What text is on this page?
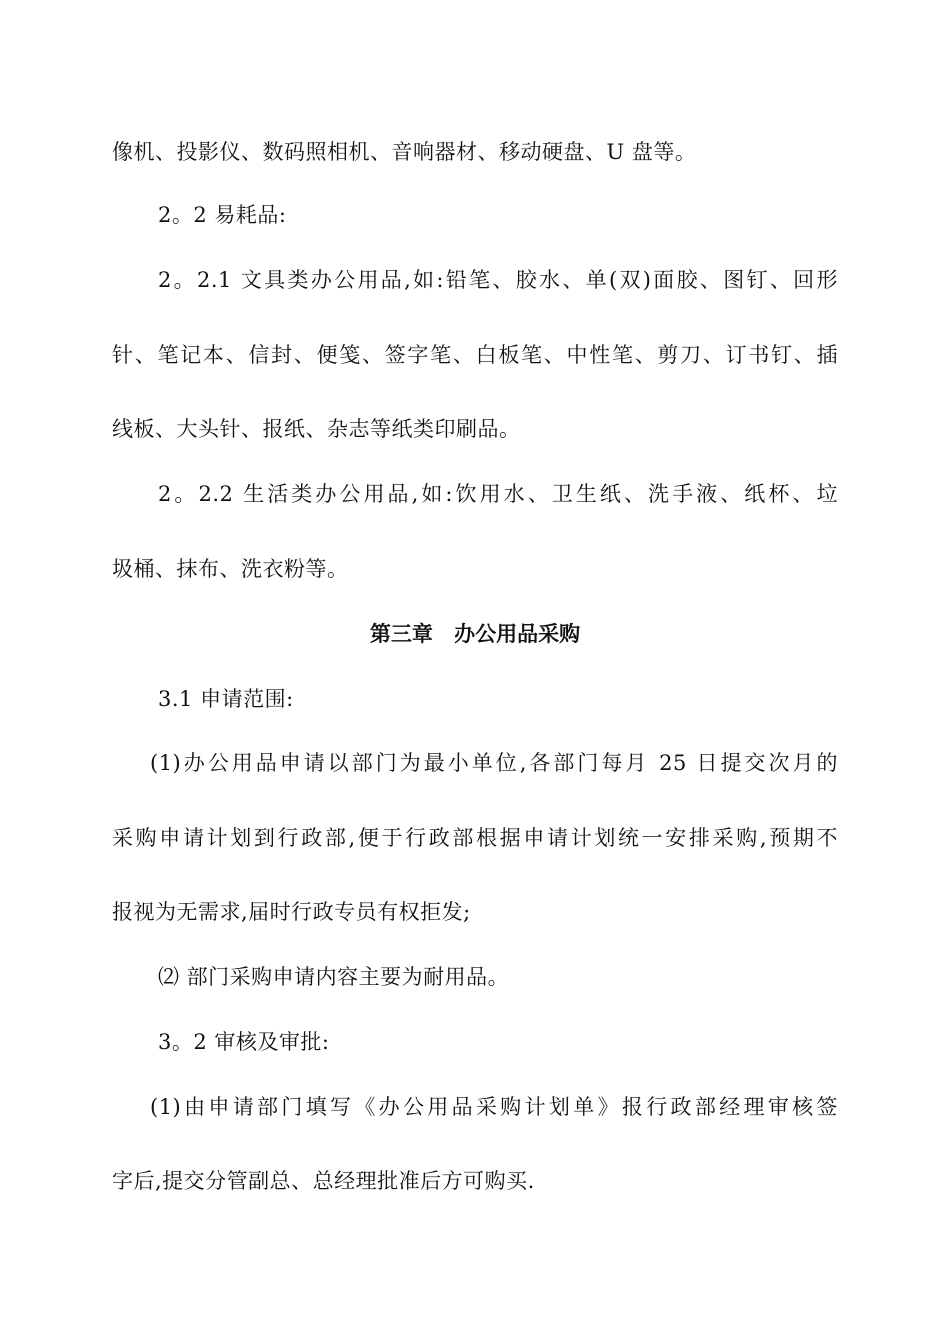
像机、投影仪、数码照相机、音响器材、移动硬盘、U 盘等。
2。2 易耗品:
2。2.1 文具类办公用品,如:铅笔、胶水、单(双)面胶、图钉、回形
针、笔记本、信封、便笺、签字笔、白板笔、中性笔、剪刀、订书钉、插
线板、大头针、报纸、杂志等纸类印刷品。
2。2.2 生活类办公用品,如:饮用水、卫生纸、洗手液、纸杯、垃
圾桶、抹布、洗衣粉等。
第三章 办公用品采购
3.1 申请范围:
(1)办公用品申请以部门为最小单位,各部门每月 25 日提交次月的
采购申请计划到行政部,便于行政部根据申请计划统一安排采购,预期不
报视为无需求,届时行政专员有权拒发;
⑵ 部门采购申请内容主要为耐用品。
3。2 审核及审批:
(1)由申请部门填写《办公用品采购计划单》报行政部经理审核签
字后,提交分管副总、总经理批准后方可购买.
